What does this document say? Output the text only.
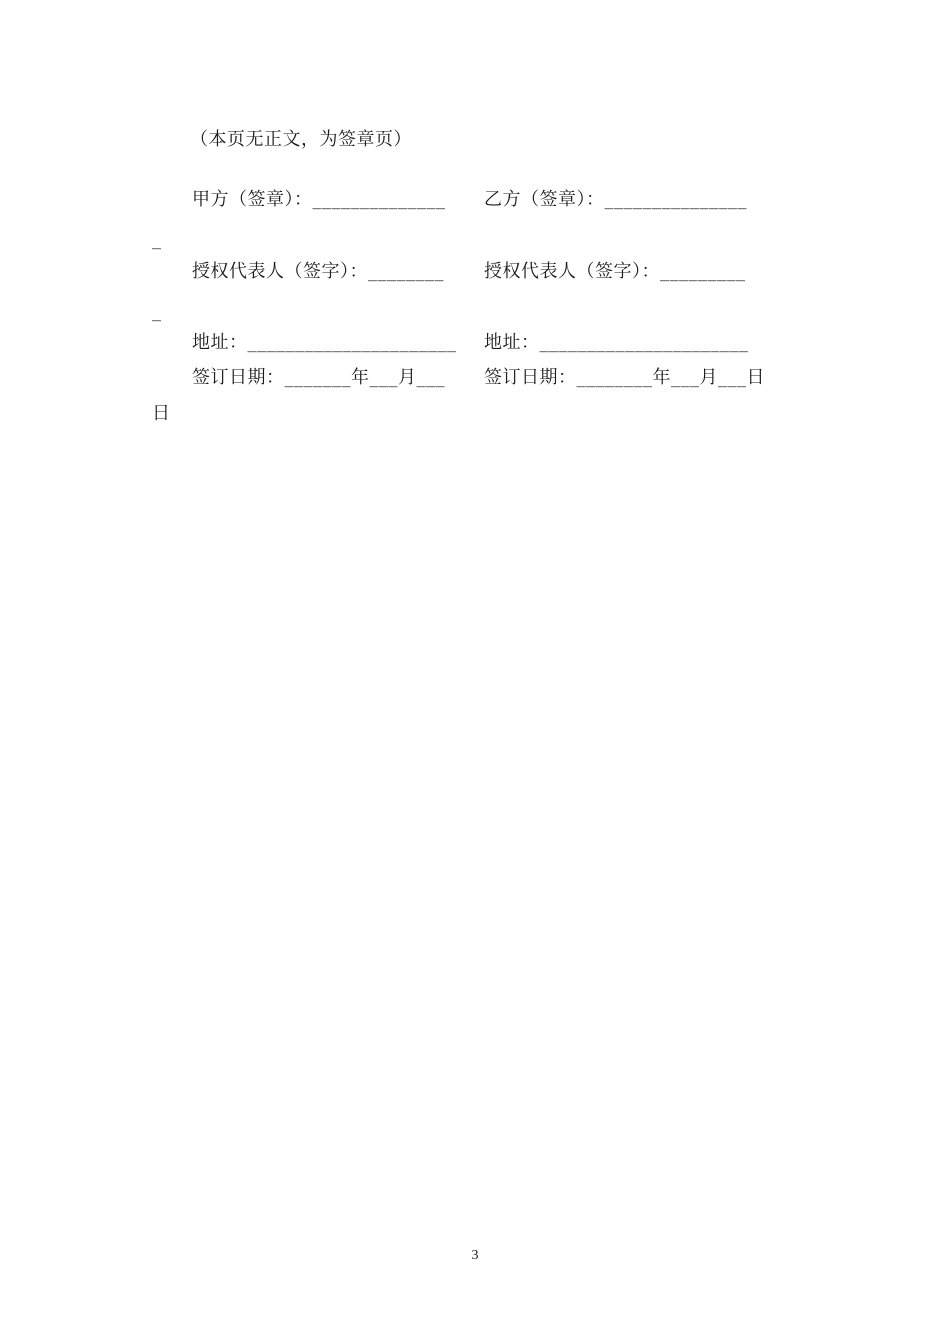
（本页无正文，为签章页）
甲方（签章）：______________ 乙方（签章）：_______________
_
授权代表人（签字）：________ 授权代表人（签字）：_________
_
地址：______________________ 地址：______________________
签订日期：_______年___月___ 签订日期：________年___月___日
日
3
